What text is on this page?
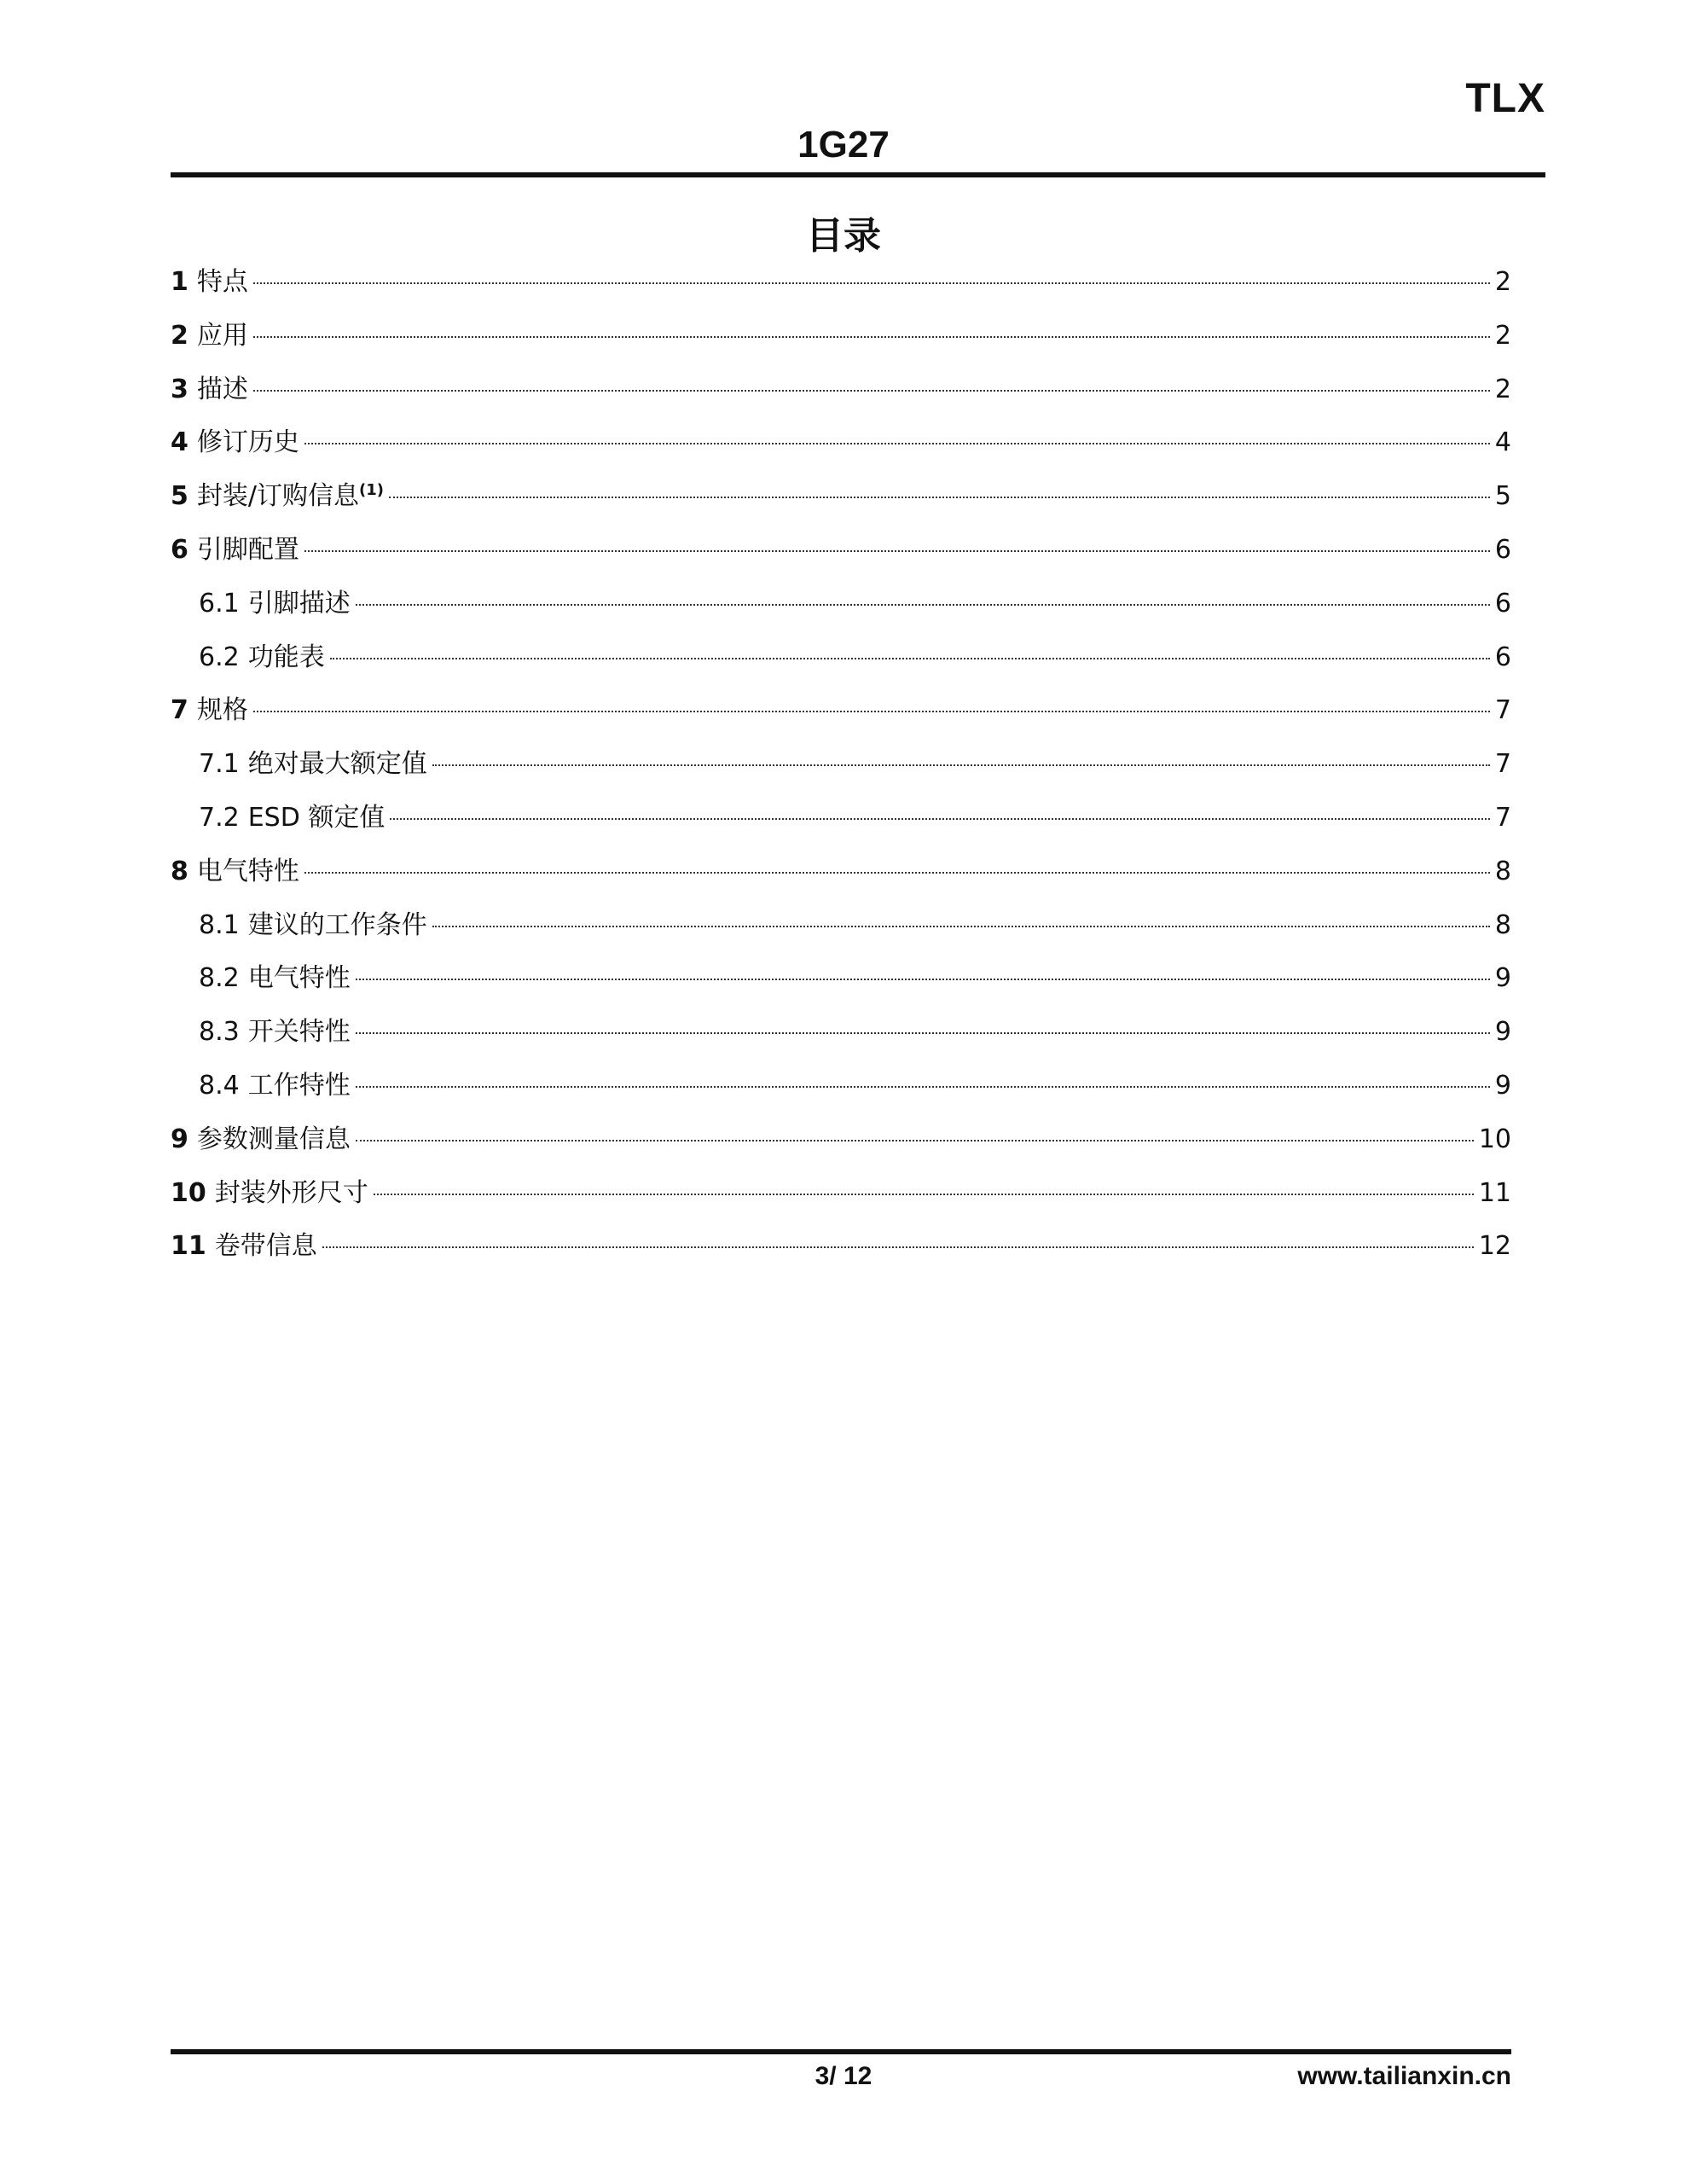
TLX
1G27
目录
1 特点	2
2 应用	2
3 描述	2
4 修订历史	4
5 封装/订购信息$^{(1)}$	5
6 引脚配置	6
6.1 引脚描述	6
6.2 功能表	6
7 规格	7
7.1 绝对最大额定值	7
7.2 ESD 额定值	7
8 电气特性	8
8.1 建议的工作条件	8
8.2 电气特性	9
8.3 开关特性	9
8.4 工作特性	9
9 参数测量信息	10
10 封装外形尺寸	11
11 卷带信息	12
3/ 12	www.tailianxin.cn
